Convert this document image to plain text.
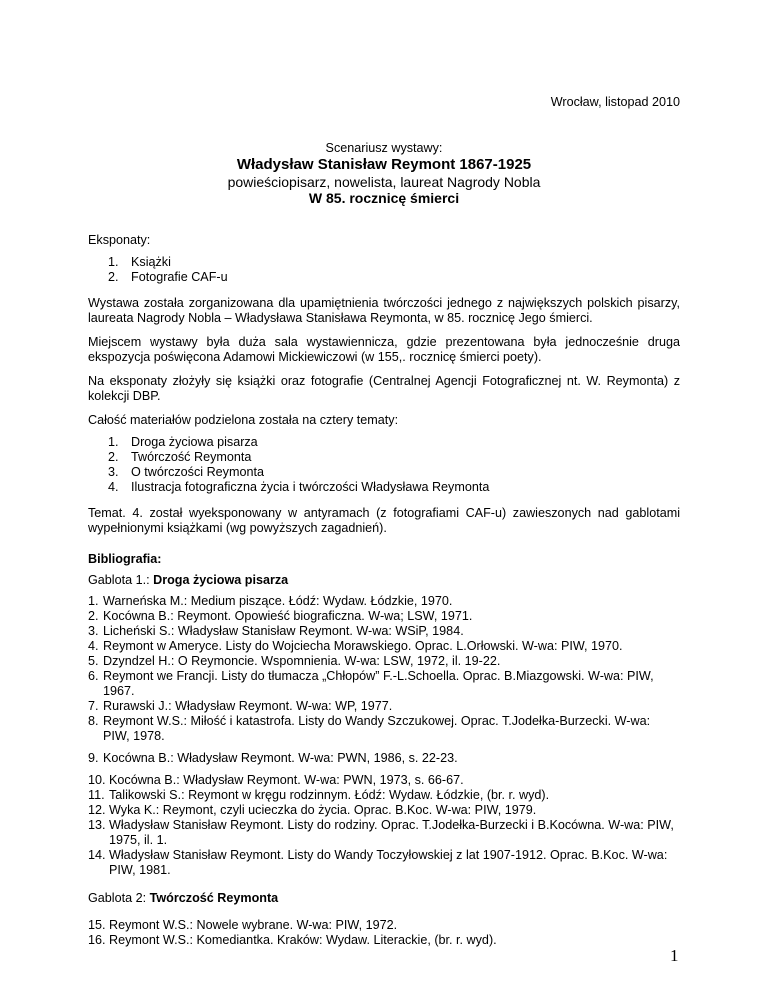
Wrocław, listopad 2010
Scenariusz wystawy:
Władysław Stanisław Reymont 1867-1925
powieściopisarz, nowelista, laureat Nagrody Nobla
W 85. rocznicę śmierci

Eksponaty:

1. Książki
2. Fotografie CAF-u

Wystawa została zorganizowana dla upamiętnienia twórczości jednego z największych polskich pisarzy, laureata Nagrody Nobla – Władysława Stanisława Reymonta, w 85. rocznicę Jego śmierci.

Miejscem wystawy była duża sala wystawiennicza, gdzie prezentowana była jednocześnie druga ekspozycja poświęcona Adamowi Mickiewiczowi (w 155,. rocznicę śmierci poety).

Na eksponaty złożyły się książki oraz fotografie (Centralnej Agencji Fotograficznej nt. W. Reymonta) z kolekcji DBP.

Całość materiałów podzielona została na cztery tematy:

1. Droga życiowa pisarza
2. Twórczość Reymonta
3. O twórczości Reymonta
4. Ilustracja fotograficzna życia i twórczości Władysława Reymonta

Temat. 4. został wyeksponowany w antyramach (z fotografiami CAF-u) zawieszonych nad gablotami wypełnionymi książkami (wg powyższych zagadnień).

Bibliografia:

Gablota 1.: Droga życiowa pisarza

1. Warneńska M.: Medium piszące. Łódź: Wydaw. Łódzkie, 1970.
2. Kocówna B.: Reymont. Opowieść biograficzna. W-wa; LSW, 1971.
3. Licheński S.: Władysław Stanisław Reymont. W-wa: WSiP, 1984.
4. Reymont w Ameryce. Listy do Wojciecha Morawskiego. Oprac. L.Orłowski. W-wa: PIW, 1970.
5. Dzyndzel H.: O Reymoncie. Wspomnienia. W-wa: LSW, 1972, il. 19-22.
6. Reymont we Francji. Listy do tłumacza „Chłopów” F.-L.Schoella. Oprac. B.Miazgowski. W-wa: PIW, 1967.
7. Rurawski J.: Władysław Reymont. W-wa: WP, 1977.
8. Reymont W.S.: Miłość i katastrofa. Listy do Wandy Szczukowej. Oprac. T.Jodełka-Burzecki. W-wa: PIW, 1978.
9. Kocówna B.: Władysław Reymont. W-wa: PWN, 1986, s. 22-23.
10. Kocówna B.: Władysław Reymont. W-wa: PWN, 1973, s. 66-67.
11. Talikowski S.: Reymont w kręgu rodzinnym. Łódź: Wydaw. Łódzkie, (br. r. wyd).
12. Wyka K.: Reymont, czyli ucieczka do życia. Oprac. B.Koc. W-wa: PIW, 1979.
13. Władysław Stanisław Reymont. Listy do rodziny. Oprac. T.Jodełka-Burzecki i B.Kocówna. W-wa: PIW, 1975, il. 1.
14. Władysław Stanisław Reymont. Listy do Wandy Toczyłowskiej z lat 1907-1912. Oprac. B.Koc. W-wa: PIW, 1981.

Gablota 2: Twórczość Reymonta

15. Reymont W.S.: Nowele wybrane. W-wa: PIW, 1972.
16. Reymont W.S.: Komediantka. Kraków: Wydaw. Literackie, (br. r. wyd).
1
